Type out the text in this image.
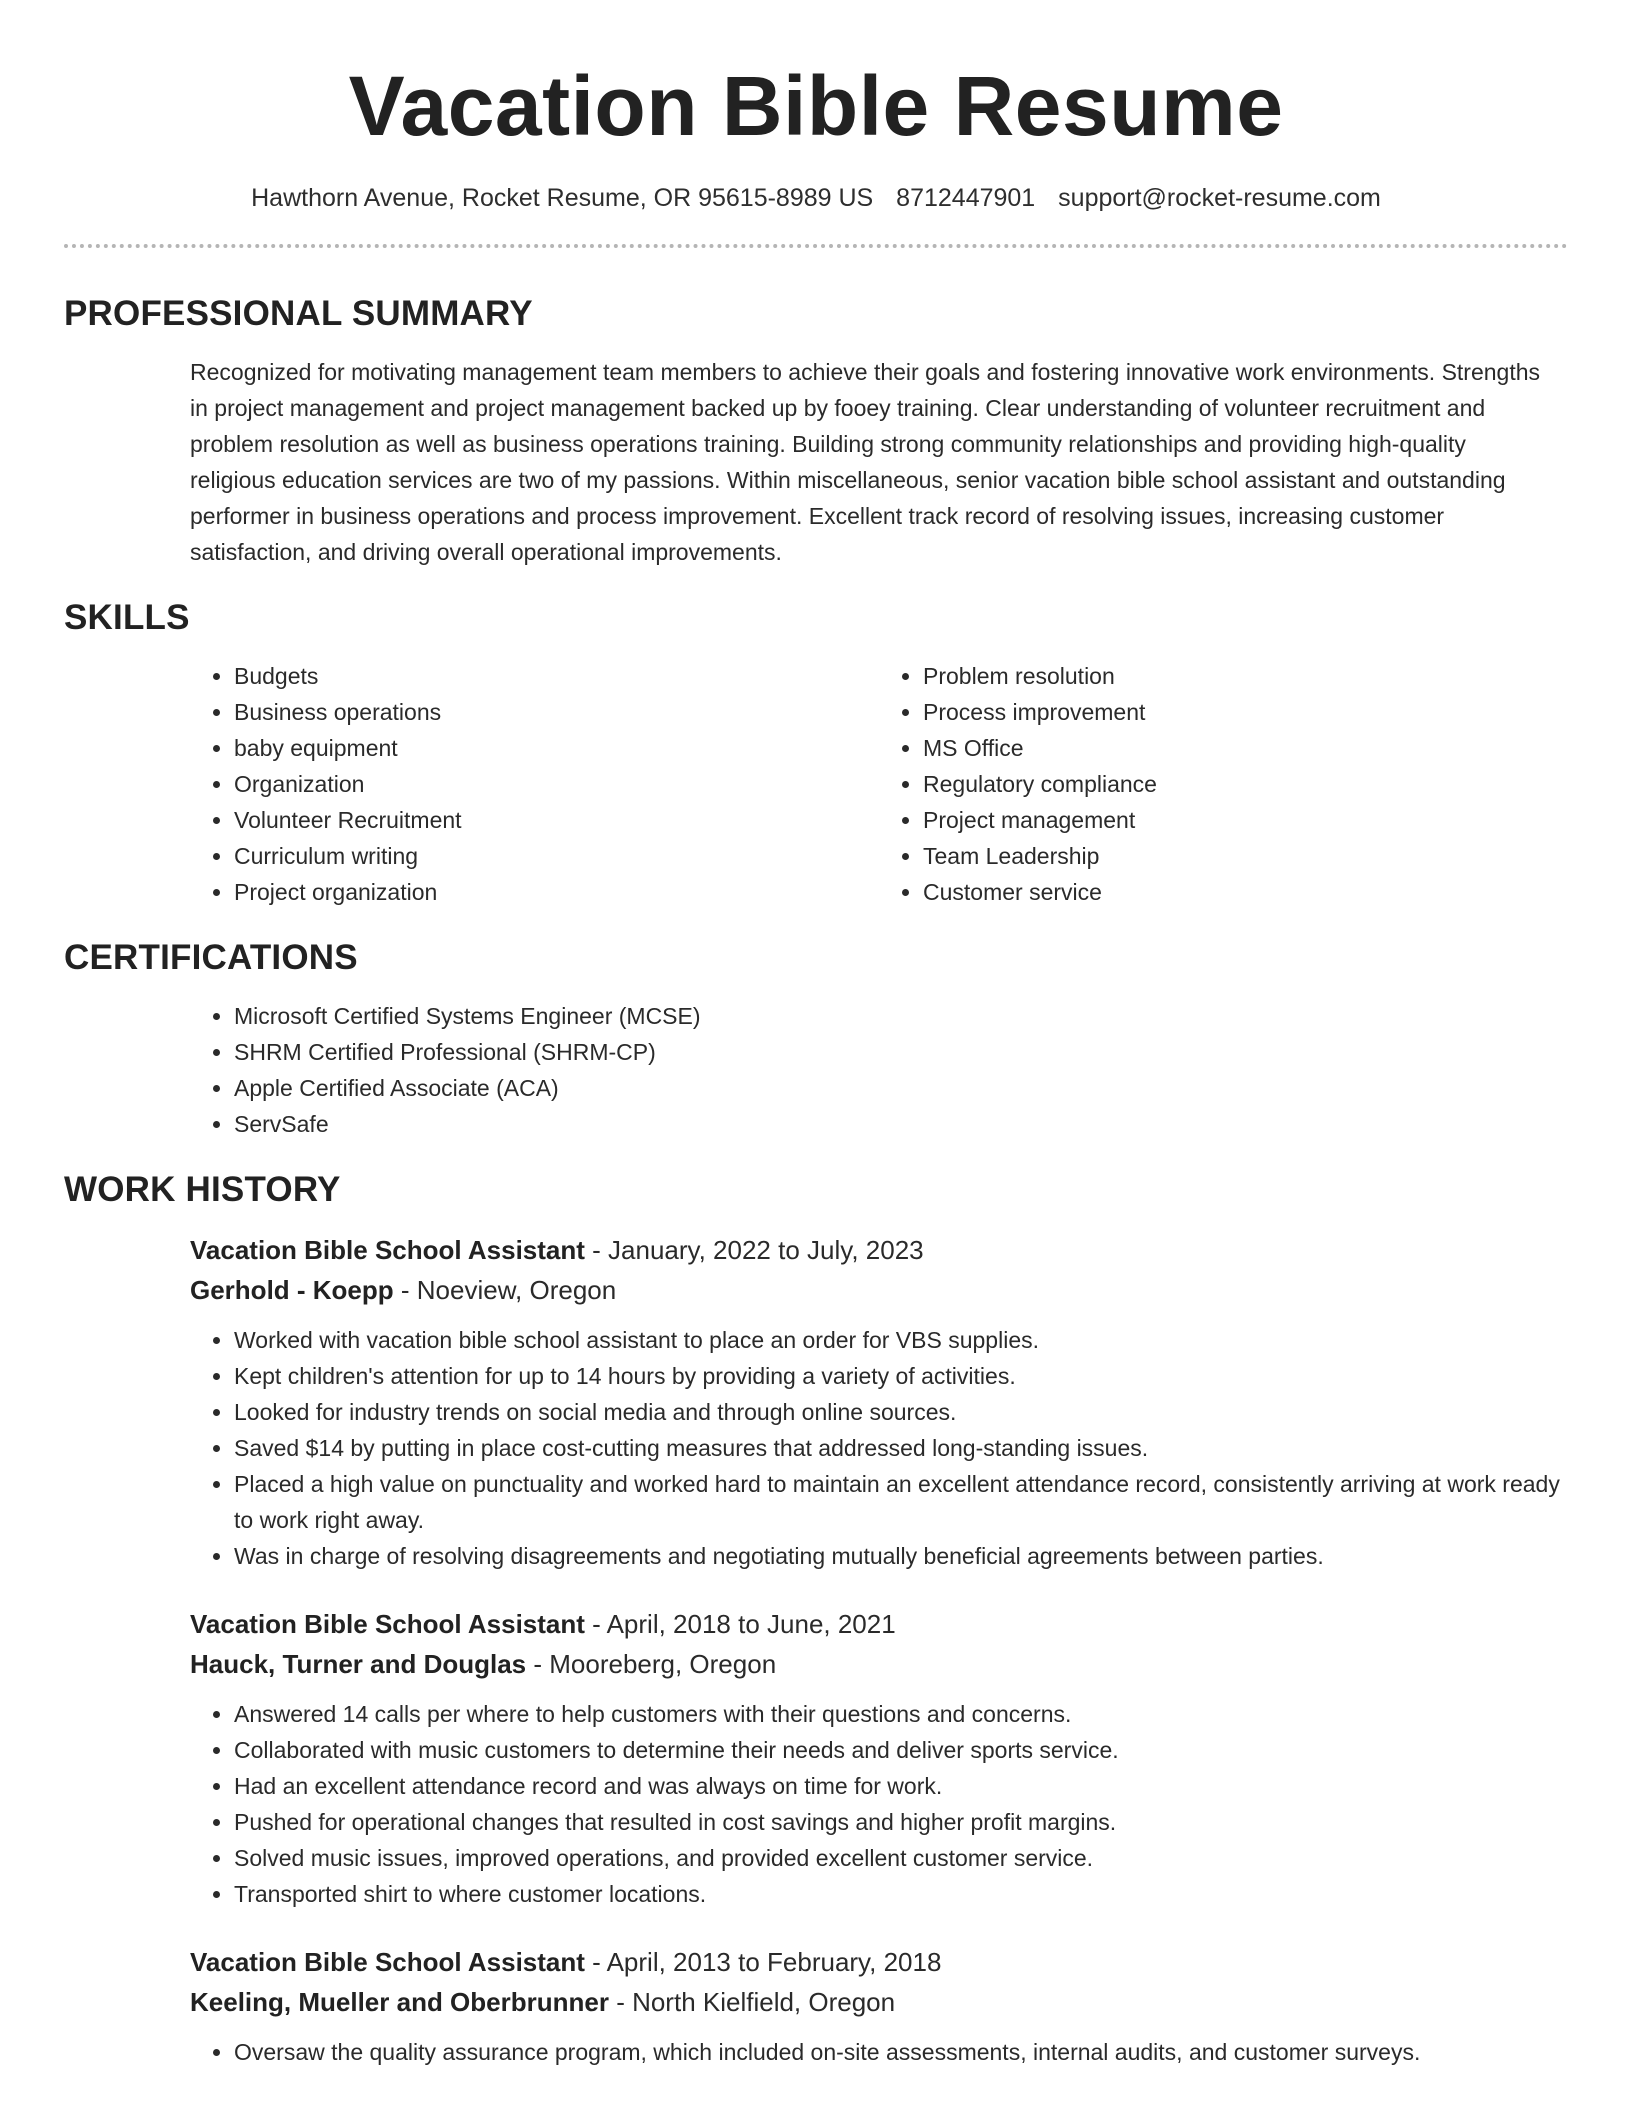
Vacation Bible Resume
Hawthorn Avenue, Rocket Resume, OR 95615-8989 US 8712447901 support@rocket-resume.com
PROFESSIONAL SUMMARY
Recognized for motivating management team members to achieve their goals and fostering innovative work environments. Strengths in project management and project management backed up by fooey training. Clear understanding of volunteer recruitment and problem resolution as well as business operations training. Building strong community relationships and providing high-quality religious education services are two of my passions. Within miscellaneous, senior vacation bible school assistant and outstanding performer in business operations and process improvement. Excellent track record of resolving issues, increasing customer satisfaction, and driving overall operational improvements.
SKILLS
• Budgets
• Business operations
• baby equipment
• Organization
• Volunteer Recruitment
• Curriculum writing
• Project organization
• Problem resolution
• Process improvement
• MS Office
• Regulatory compliance
• Project management
• Team Leadership
• Customer service
CERTIFICATIONS
• Microsoft Certified Systems Engineer (MCSE)
• SHRM Certified Professional (SHRM-CP)
• Apple Certified Associate (ACA)
• ServSafe
WORK HISTORY
Vacation Bible School Assistant - January, 2022 to July, 2023
Gerhold - Koepp - Noeview, Oregon
• Worked with vacation bible school assistant to place an order for VBS supplies.
• Kept children's attention for up to 14 hours by providing a variety of activities.
• Looked for industry trends on social media and through online sources.
• Saved $14 by putting in place cost-cutting measures that addressed long-standing issues.
• Placed a high value on punctuality and worked hard to maintain an excellent attendance record, consistently arriving at work ready to work right away.
• Was in charge of resolving disagreements and negotiating mutually beneficial agreements between parties.
Vacation Bible School Assistant - April, 2018 to June, 2021
Hauck, Turner and Douglas - Mooreberg, Oregon
• Answered 14 calls per where to help customers with their questions and concerns.
• Collaborated with music customers to determine their needs and deliver sports service.
• Had an excellent attendance record and was always on time for work.
• Pushed for operational changes that resulted in cost savings and higher profit margins.
• Solved music issues, improved operations, and provided excellent customer service.
• Transported shirt to where customer locations.
Vacation Bible School Assistant - April, 2013 to February, 2018
Keeling, Mueller and Oberbrunner - North Kielfield, Oregon
• Oversaw the quality assurance program, which included on-site assessments, internal audits, and customer surveys.
